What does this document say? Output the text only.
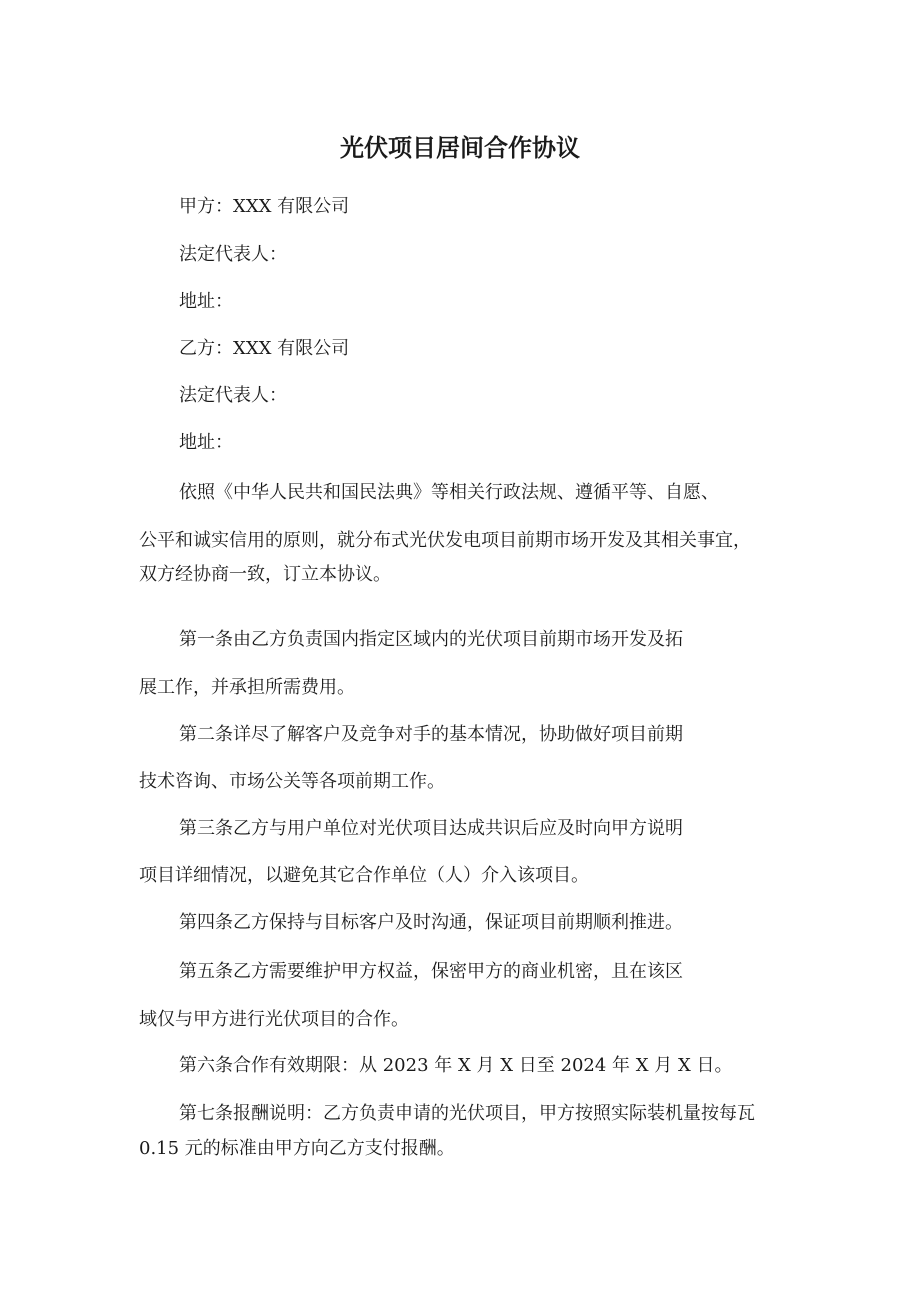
光伏项目居间合作协议

甲方：XXX 有限公司

法定代表人：

地址：

乙方：XXX 有限公司

法定代表人：

地址：

依照《中华人民共和国民法典》等相关行政法规、遵循平等、自愿、

公平和诚实信用的原则，就分布式光伏发电项目前期市场开发及其相关事宜，

双方经协商一致，订立本协议。

第一条由乙方负责国内指定区域内的光伏项目前期市场开发及拓

展工作，并承担所需费用。

第二条详尽了解客户及竞争对手的基本情况，协助做好项目前期

技术咨询、市场公关等各项前期工作。

第三条乙方与用户单位对光伏项目达成共识后应及时向甲方说明

项目详细情况，以避免其它合作单位（人）介入该项目。

第四条乙方保持与目标客户及时沟通，保证项目前期顺利推进。

第五条乙方需要维护甲方权益，保密甲方的商业机密，且在该区

域仅与甲方进行光伏项目的合作。

第六条合作有效期限：从 2023 年 X 月 X 日至 2024 年 X 月 X 日。

第七条报酬说明：乙方负责申请的光伏项目，甲方按照实际装机量按每瓦

0.15 元的标准由甲方向乙方支付报酬。
